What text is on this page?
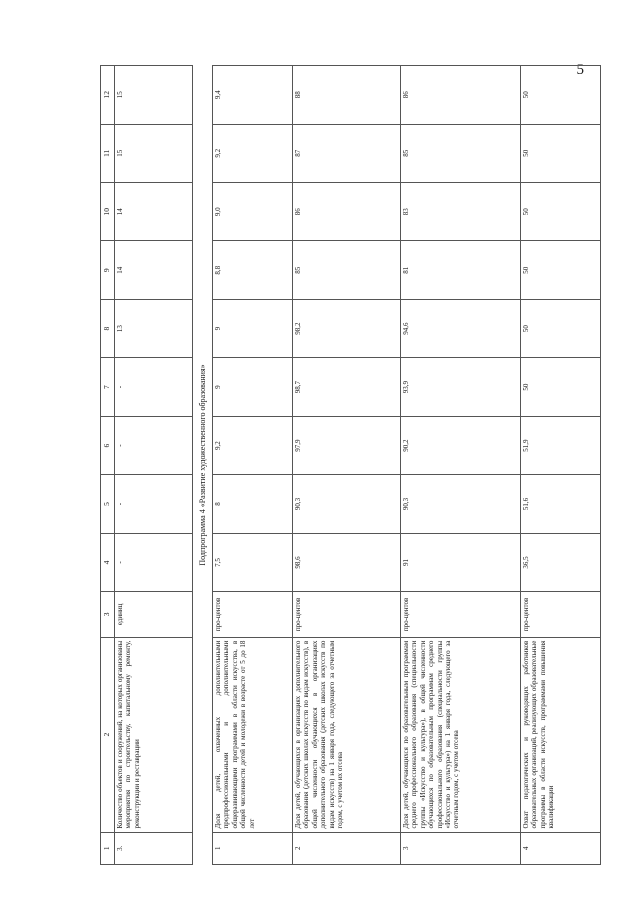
5
1	2	3	4	5	6	7	8	9	10	11	12
3.	Количество объектов и сооружений, на которых организованы мероприятия по строительству, капитальному ремонту, реконструкции и реставрации	единиц	-	-	-	-	13	14	14	15	15
Подпрограмма 4 «Развитие художественного образования»											
1	Доля детей, охваченных дополнительными предпрофессиональными и дополнительными общеразвивающими программами в области искусства, в общей численности детей и молодежи в возрасте от 5 до 18 лет	про-центов	7,5	8	9,2	9	9	8,8	9,0	9,2	9,4
2	Доля детей, обучающихся в организациях дополнительного образования (детских школах искусств по видам искусств), в общей численности обучающихся в организациях дополнительного образования (детских школах искусств по видам искусств) на 1 января года, следующего за отчетным годом, с учетом их отсева	про-центов	98,6	90,3	97,9	98,7	98,2	85	86	87	88
3	Доля детей, обучающихся по образовательным программам среднего профессионального образования (специальности группы «Искусство и культура»), в общей численности обучающихся по образовательным программам среднего профессионального образования (специальности группы «Искусство и культура») на 1 января года, следующего за отчетным годом, с учетом отсева	про-центов	91	90,3	90,2	93,9	94,6	81	83	85	86
4	Охват педагогических и руководящих работников образовательных организаций, реализующих образовательные программы в области искусств, программами повышения квалификации	про-центов	36,5	51,6	51,9	50	50	50	50	50	50
